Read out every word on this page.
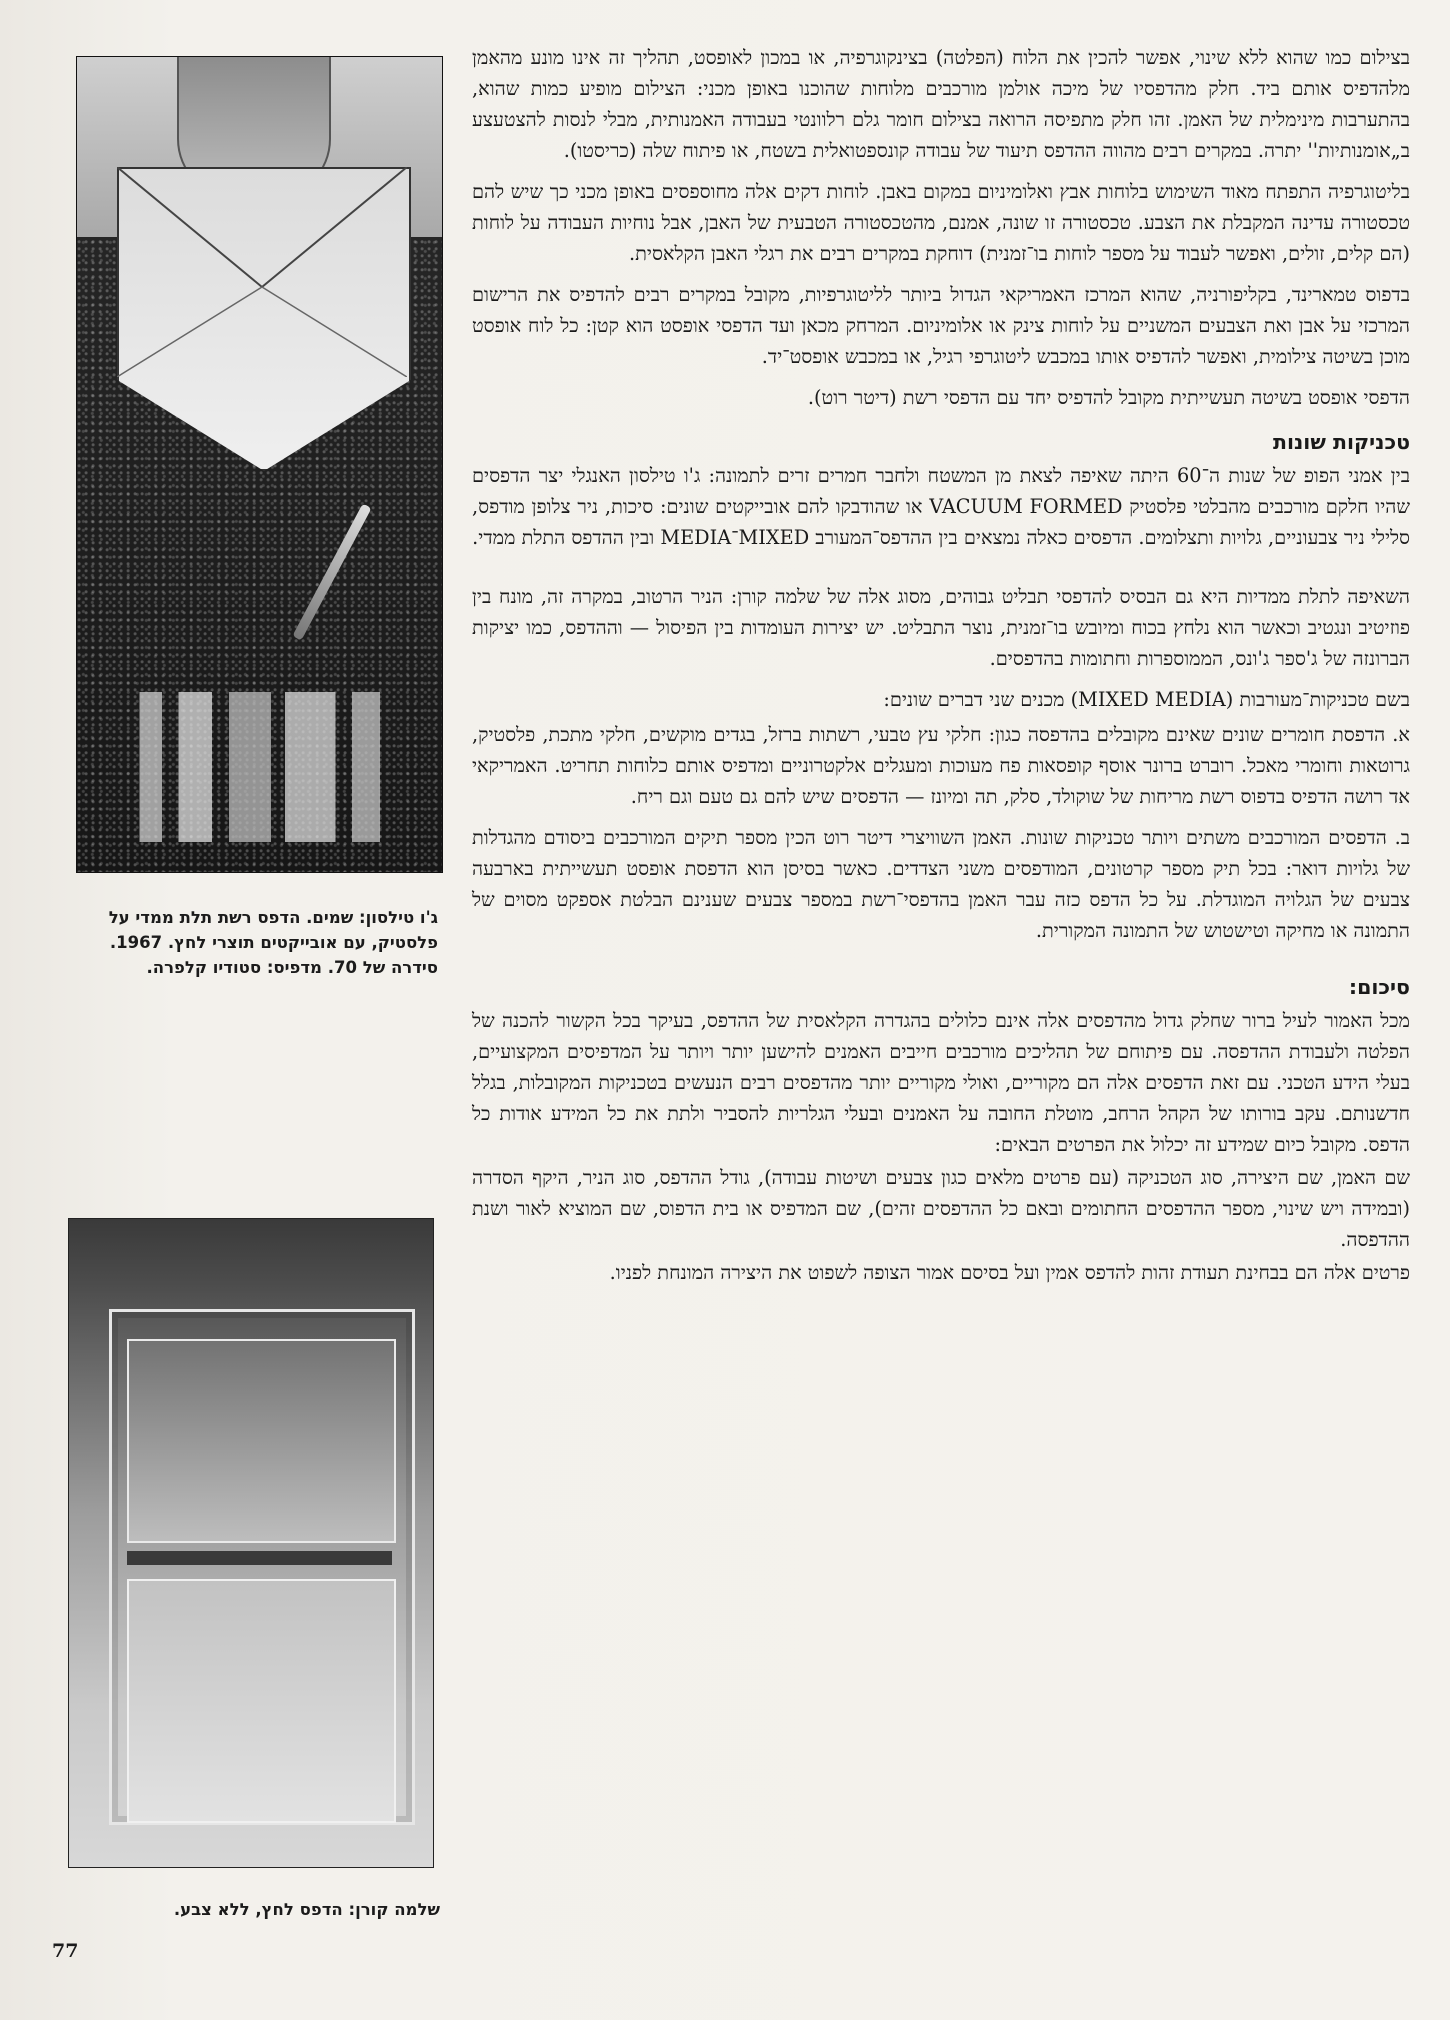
ג'ו טילסון: שמים. הדפס רשת תלת ממדי על פלסטיק, עם אובייקטים תוצרי לחץ. 1967. סידרה של 70. מדפיס: סטודיו קלפרה.
שלמה קורן: הדפס לחץ, ללא צבע.

בצילום כמו שהוא ללא שינוי, אפשר להכין את הלוח (הפלטה) בצינקוגרפיה, או במכון לאופסט, תהליך זה אינו מונע מהאמן מלהדפיס אותם ביד. חלק מהדפסיו של מיכה אולמן מורכבים מלוחות שהוכנו באופן מכני: הצילום מופיע כמות שהוא, בהתערבות מינימלית של האמן. זהו חלק מתפיסה הרואה בצילום חומר גלם רלוונטי בעבודה האמנותית, מבלי לנסות להצטעצע ב„אומנותיות'' יתרה. במקרים רבים מהווה ההדפס תיעוד של עבודה קונספטואלית בשטח, או פיתוח שלה (כריסטו).

בליטוגרפיה התפתח מאוד השימוש בלוחות אבץ ואלומיניום במקום באבן. לוחות דקים אלה מחוספסים באופן מכני כך שיש להם טכסטורה עדינה המקבלת את הצבע. טכסטורה זו שונה, אמנם, מהטכסטורה הטבעית של האבן, אבל נוחיות העבודה על לוחות (הם קלים, זולים, ואפשר לעבוד על מספר לוחות בו־זמנית) דוחקת במקרים רבים את רגלי האבן הקלאסית.

בדפוס טמארינד, בקליפורניה, שהוא המרכז האמריקאי הגדול ביותר לליטוגרפיות, מקובל במקרים רבים להדפיס את הרישום המרכזי על אבן ואת הצבעים המשניים על לוחות צינק או אלומיניום. המרחק מכאן ועד הדפסי אופסט הוא קטן: כל לוח אופסט מוכן בשיטה צילומית, ואפשר להדפיס אותו במכבש ליטוגרפי רגיל, או במכבש אופסט־יד.

הדפסי אופסט בשיטה תעשייתית מקובל להדפיס יחד עם הדפסי רשת (דיטר רוט).

טכניקות שונות

בין אמני הפופ של שנות ה־60 היתה שאיפה לצאת מן המשטח ולחבר חמרים זרים לתמונה: ג'ו טילסון האנגלי יצר הדפסים שהיו חלקם מורכבים מהבלטי פלסטיק VACUUM FORMED או שהודבקו להם אובייקטים שונים: סיכות, ניר צלופן מודפס, סלילי ניר צבעוניים, גלויות ותצלומים. הדפסים כאלה נמצאים בין ההדפס־המעורב MIXED־MEDIA ובין ההדפס התלת ממדי.

השאיפה לתלת ממדיות היא גם הבסיס להדפסי תבליט גבוהים, מסוג אלה של שלמה קורן: הניר הרטוב, במקרה זה, מונח בין פוזיטיב ונגטיב וכאשר הוא נלחץ בכוח ומיובש בו־זמנית, נוצר התבליט. יש יצירות העומדות בין הפיסול — וההדפס, כמו יציקות הברונזה של ג'ספר ג'ונס, הממוספרות וחתומות בהדפסים.

בשם טכניקות־מעורבות (MIXED MEDIA) מכנים שני דברים שונים:

א. הדפסת חומרים שונים שאינם מקובלים בהדפסה כגון: חלקי עץ טבעי, רשתות ברזל, בגדים מוקשים, חלקי מתכת, פלסטיק, גרוטאות וחומרי מאכל. רוברט ברונר אוסף קופסאות פח מעוכות ומעגלים אלקטרוניים ומדפיס אותם כלוחות תחריט. האמריקאי אד רושה הדפיס בדפוס רשת מריחות של שוקולד, סלק, תה ומיונז — הדפסים שיש להם גם טעם וגם ריח.

ב. הדפסים המורכבים משתים ויותר טכניקות שונות. האמן השוויצרי דיטר רוט הכין מספר תיקים המורכבים ביסודם מהגדלות של גלויות דואר: בכל תיק מספר קרטונים, המודפסים משני הצדדים. כאשר בסיסן הוא הדפסת אופסט תעשייתית בארבעה צבעים של הגלויה המוגדלת. על כל הדפס כזה עבר האמן בהדפסי־רשת במספר צבעים שענינם הבלטת אספקט מסוים של התמונה או מחיקה וטישטוש של התמונה המקורית.

סיכום:

מכל האמור לעיל ברור שחלק גדול מהדפסים אלה אינם כלולים בהגדרה הקלאסית של ההדפס, בעיקר בכל הקשור להכנה של הפלטה ולעבודת ההדפסה. עם פיתוחם של תהליכים מורכבים חייבים האמנים להישען יותר ויותר על המדפיסים המקצועיים, בעלי הידע הטכני. עם זאת הדפסים אלה הם מקוריים, ואולי מקוריים יותר מהדפסים רבים הנעשים בטכניקות המקובלות, בגלל חדשנותם. עקב בורותו של הקהל הרחב, מוטלת החובה על האמנים ובעלי הגלריות להסביר ולתת את כל המידע אודות כל הדפס. מקובל כיום שמידע זה יכלול את הפרטים הבאים:

שם האמן, שם היצירה, סוג הטכניקה (עם פרטים מלאים כגון צבעים ושיטות עבודה), גודל ההדפס, סוג הניר, היקף הסדרה (ובמידה ויש שינוי, מספר ההדפסים החתומים ובאם כל ההדפסים זהים), שם המדפיס או בית הדפוס, שם המוציא לאור ושנת ההדפסה.

פרטים אלה הם בבחינת תעודת זהות להדפס אמין ועל בסיסם אמור הצופה לשפוט את היצירה המונחת לפניו.

77
